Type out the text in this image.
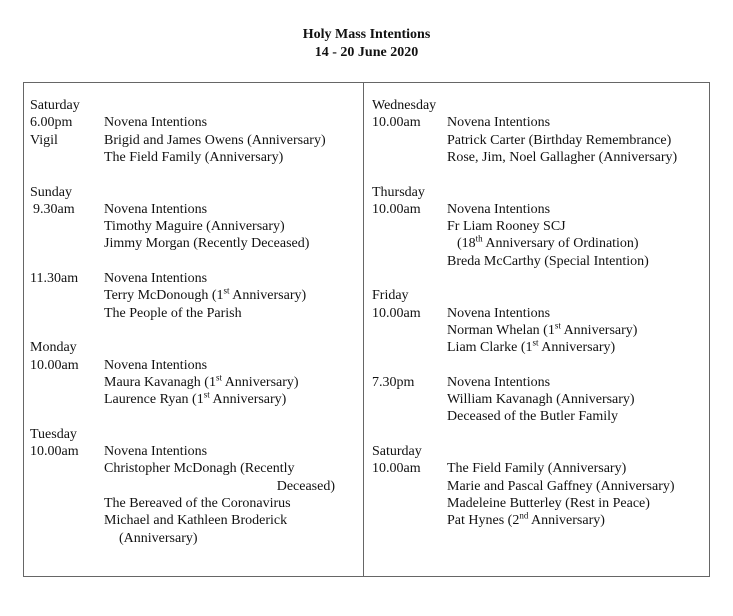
Holy Mass Intentions
14 - 20 June 2020
Saturday
6.00pm
Vigil
Novena Intentions
Brigid and James Owens (Anniversary)
The Field Family (Anniversary)
Sunday
9.30am Novena Intentions
Timothy Maguire (Anniversary)
Jimmy Morgan (Recently Deceased)
11.30am Novena Intentions
Terry McDonough (1st Anniversary)
The People of the Parish
Monday
10.00am Novena Intentions
Maura Kavanagh (1st Anniversary)
Laurence Ryan (1st Anniversary)
Tuesday
10.00am Novena Intentions
Christopher McDonagh (Recently
Deceased)
The Bereaved of the Coronavirus
Michael and Kathleen Broderick
(Anniversary)
Wednesday
10.00am Novena Intentions
Patrick Carter (Birthday Remembrance)
Rose, Jim, Noel Gallagher (Anniversary)
Thursday
10.00am Novena Intentions
Fr Liam Rooney SCJ
(18th Anniversary of Ordination)
Breda McCarthy (Special Intention)
Friday
10.00am Novena Intentions
Norman Whelan (1st Anniversary)
Liam Clarke (1st Anniversary)
7.30pm Novena Intentions
William Kavanagh (Anniversary)
Deceased of the Butler Family
Saturday
10.00am The Field Family (Anniversary)
Marie and Pascal Gaffney (Anniversary)
Madeleine Butterley (Rest in Peace)
Pat Hynes (2nd Anniversary)
